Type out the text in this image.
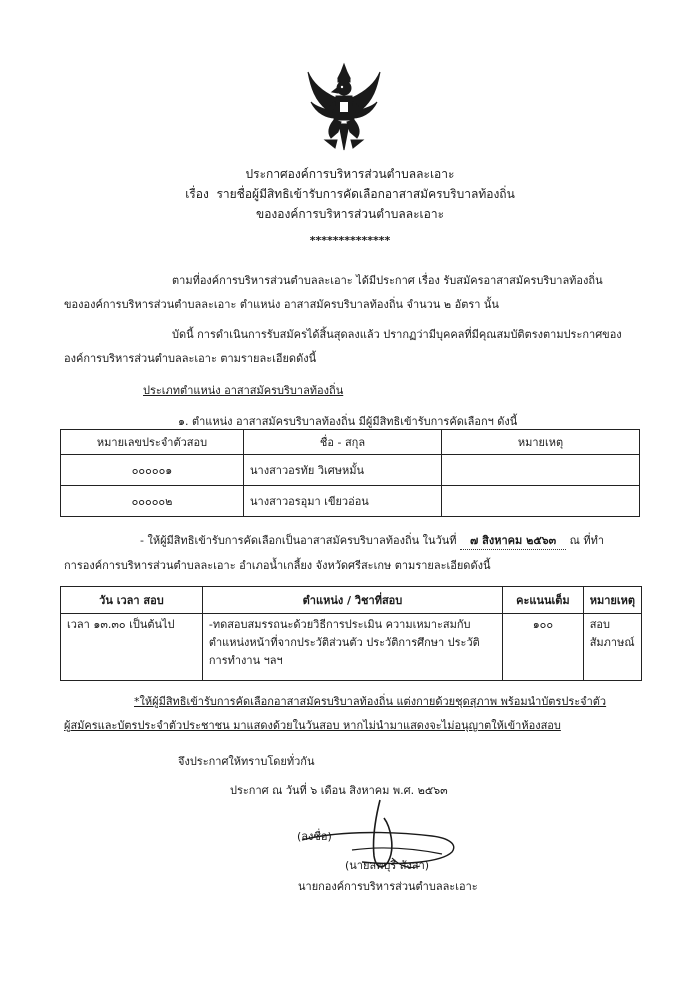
ประกาศองค์การบริหารส่วนตำบลละเอาะ
เรื่อง รายชื่อผู้มีสิทธิเข้ารับการคัดเลือกอาสาสมัครบริบาลท้องถิ่น
ขององค์การบริหารส่วนตำบลละเอาะ
**************
ตามที่องค์การบริหารส่วนตำบลละเอาะ ได้มีประกาศ เรื่อง รับสมัครอาสาสมัครบริบาลท้องถิ่น
ขององค์การบริหารส่วนตำบลละเอาะ ตำแหน่ง อาสาสมัครบริบาลท้องถิ่น จำนวน ๒ อัตรา นั้น
บัดนี้ การดำเนินการรับสมัครได้สิ้นสุดลงแล้ว ปรากฏว่ามีบุคคลที่มีคุณสมบัติตรงตามประกาศของ
องค์การบริหารส่วนตำบลละเอาะ ตามรายละเอียดดังนี้
ประเภทตำแหน่ง อาสาสมัครบริบาลท้องถิ่น
๑. ตำแหน่ง อาสาสมัครบริบาลท้องถิ่น มีผู้มีสิทธิเข้ารับการคัดเลือกฯ ดังนี้
หมายเลขประจำตัวสอบ	ชื่อ - สกุล	หมายเหตุ
๐๐๐๐๐๑	นางสาวอรทัย วิเศษหมั้น	
๐๐๐๐๐๒	นางสาวอรอุมา เขียวอ่อน	
- ให้ผู้มีสิทธิเข้ารับการคัดเลือกเป็นอาสาสมัครบริบาลท้องถิ่น ในวันที่ ๗ สิงหาคม ๒๕๖๓ ณ ที่ทำ
การองค์การบริหารส่วนตำบลละเอาะ อำเภอน้ำเกลี้ยง จังหวัดศรีสะเกษ ตามรายละเอียดดังนี้
วัน เวลา สอบ	ตำแหน่ง / วิชาที่สอบ	คะแนนเต็ม	หมายเหตุ
เวลา ๑๓.๓๐ เป็นต้นไป	-ทดสอบสมรรถนะด้วยวิธีการประเมิน ความเหมาะสมกับ
ตำแหน่งหน้าที่จากประวัติส่วนตัว ประวัติการศึกษา ประวัติ
การทำงาน ฯลฯ	๑๐๐	สอบสัมภาษณ์
*ให้ผู้มีสิทธิเข้ารับการคัดเลือกอาสาสมัครบริบาลท้องถิ่น แต่งกายด้วยชุดสุภาพ พร้อมนำบัตรประจำตัว
ผู้สมัครและบัตรประจำตัวประชาชน มาแสดงด้วยในวันสอบ หากไม่นำมาแสดงจะไม่อนุญาตให้เข้าห้องสอบ
จึงประกาศให้ทราบโดยทั่วกัน
ประกาศ ณ วันที่ ๖ เดือน สิงหาคม พ.ศ. ๒๕๖๓
(ลงชื่อ)
(นายลพบุรี สังสา)
นายกองค์การบริหารส่วนตำบลละเอาะ
